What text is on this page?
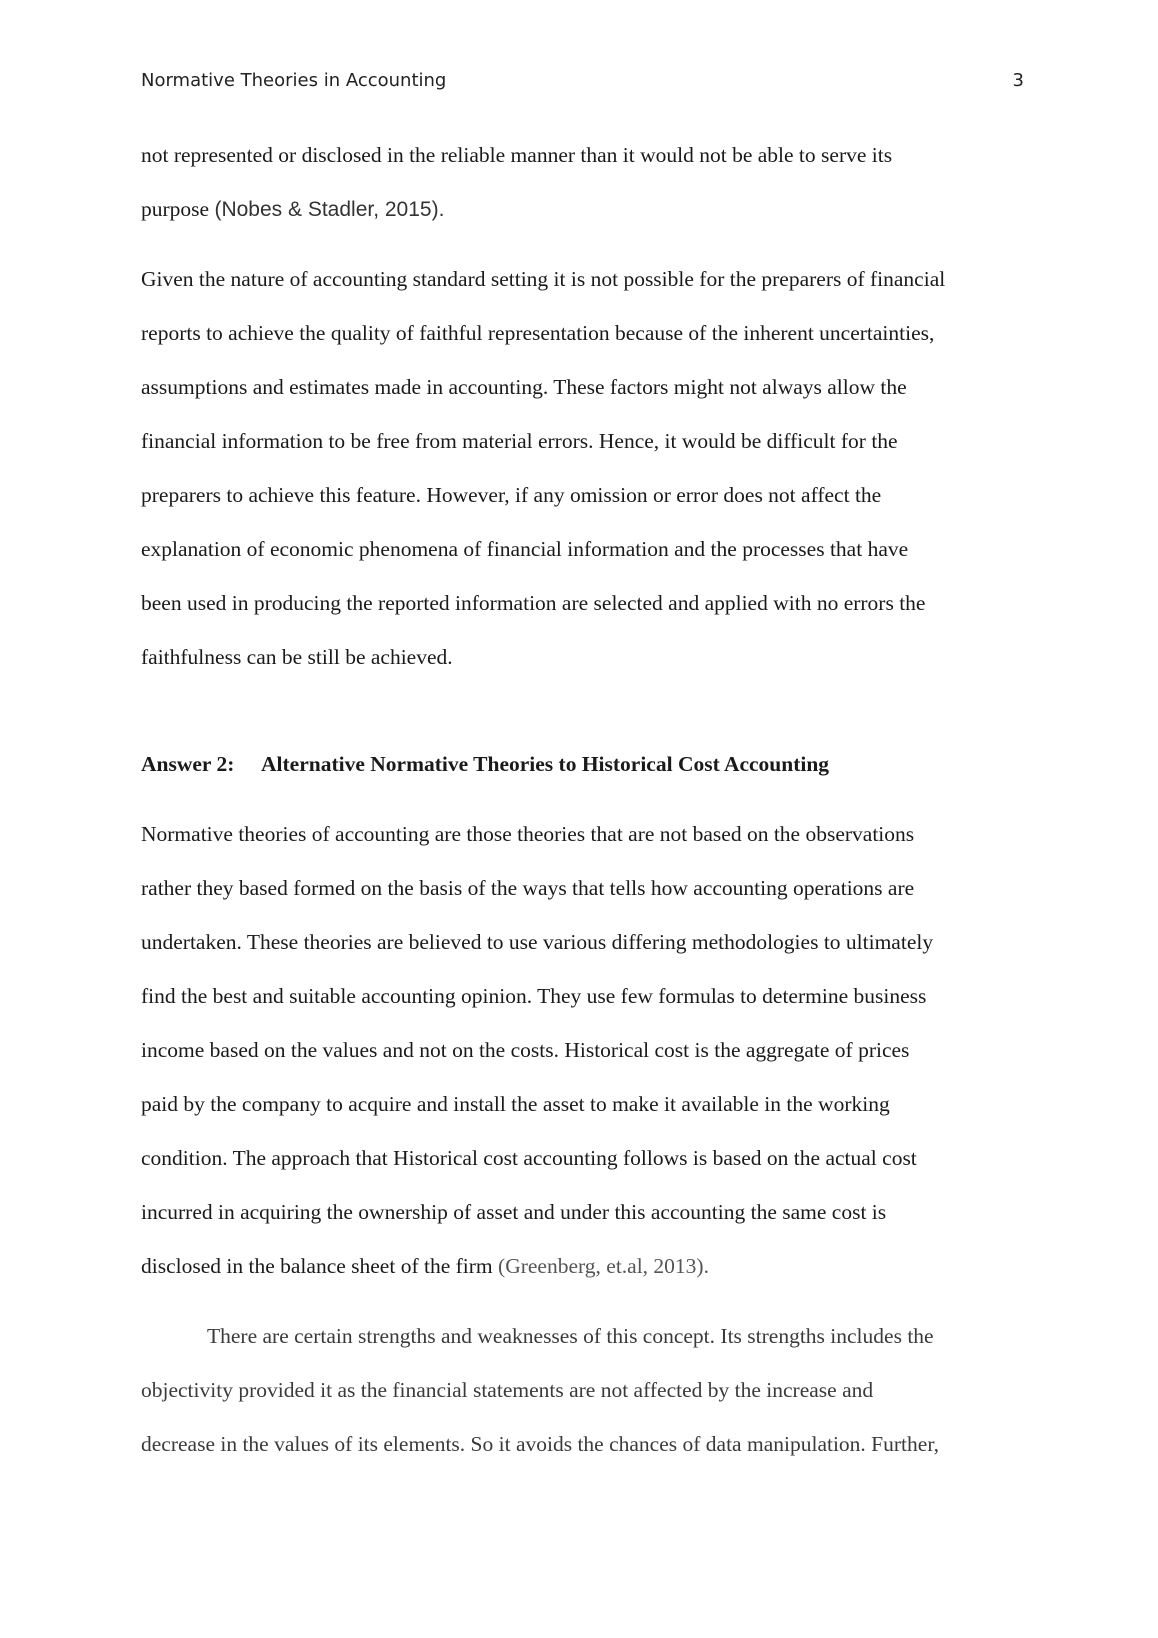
Normative Theories in Accounting	3
not represented or disclosed in the reliable manner than it would not be able to serve its
purpose (Nobes & Stadler, 2015).
Given the nature of accounting standard setting it is not possible for the preparers of financial
reports to achieve the quality of faithful representation because of the inherent uncertainties,
assumptions and estimates made in accounting. These factors might not always allow the
financial information to be free from material errors. Hence, it would be difficult for the
preparers to achieve this feature. However, if any omission or error does not affect the
explanation of economic phenomena of financial information and the processes that have
been used in producing the reported information are selected and applied with no errors the
faithfulness can be still be achieved.
Answer 2: Alternative Normative Theories to Historical Cost Accounting
Normative theories of accounting are those theories that are not based on the observations
rather they based formed on the basis of the ways that tells how accounting operations are
undertaken. These theories are believed to use various differing methodologies to ultimately
find the best and suitable accounting opinion. They use few formulas to determine business
income based on the values and not on the costs. Historical cost is the aggregate of prices
paid by the company to acquire and install the asset to make it available in the working
condition. The approach that Historical cost accounting follows is based on the actual cost
incurred in acquiring the ownership of asset and under this accounting the same cost is
disclosed in the balance sheet of the firm (Greenberg, et.al, 2013).
There are certain strengths and weaknesses of this concept. Its strengths includes the
objectivity provided it as the financial statements are not affected by the increase and
decrease in the values of its elements. So it avoids the chances of data manipulation. Further,
